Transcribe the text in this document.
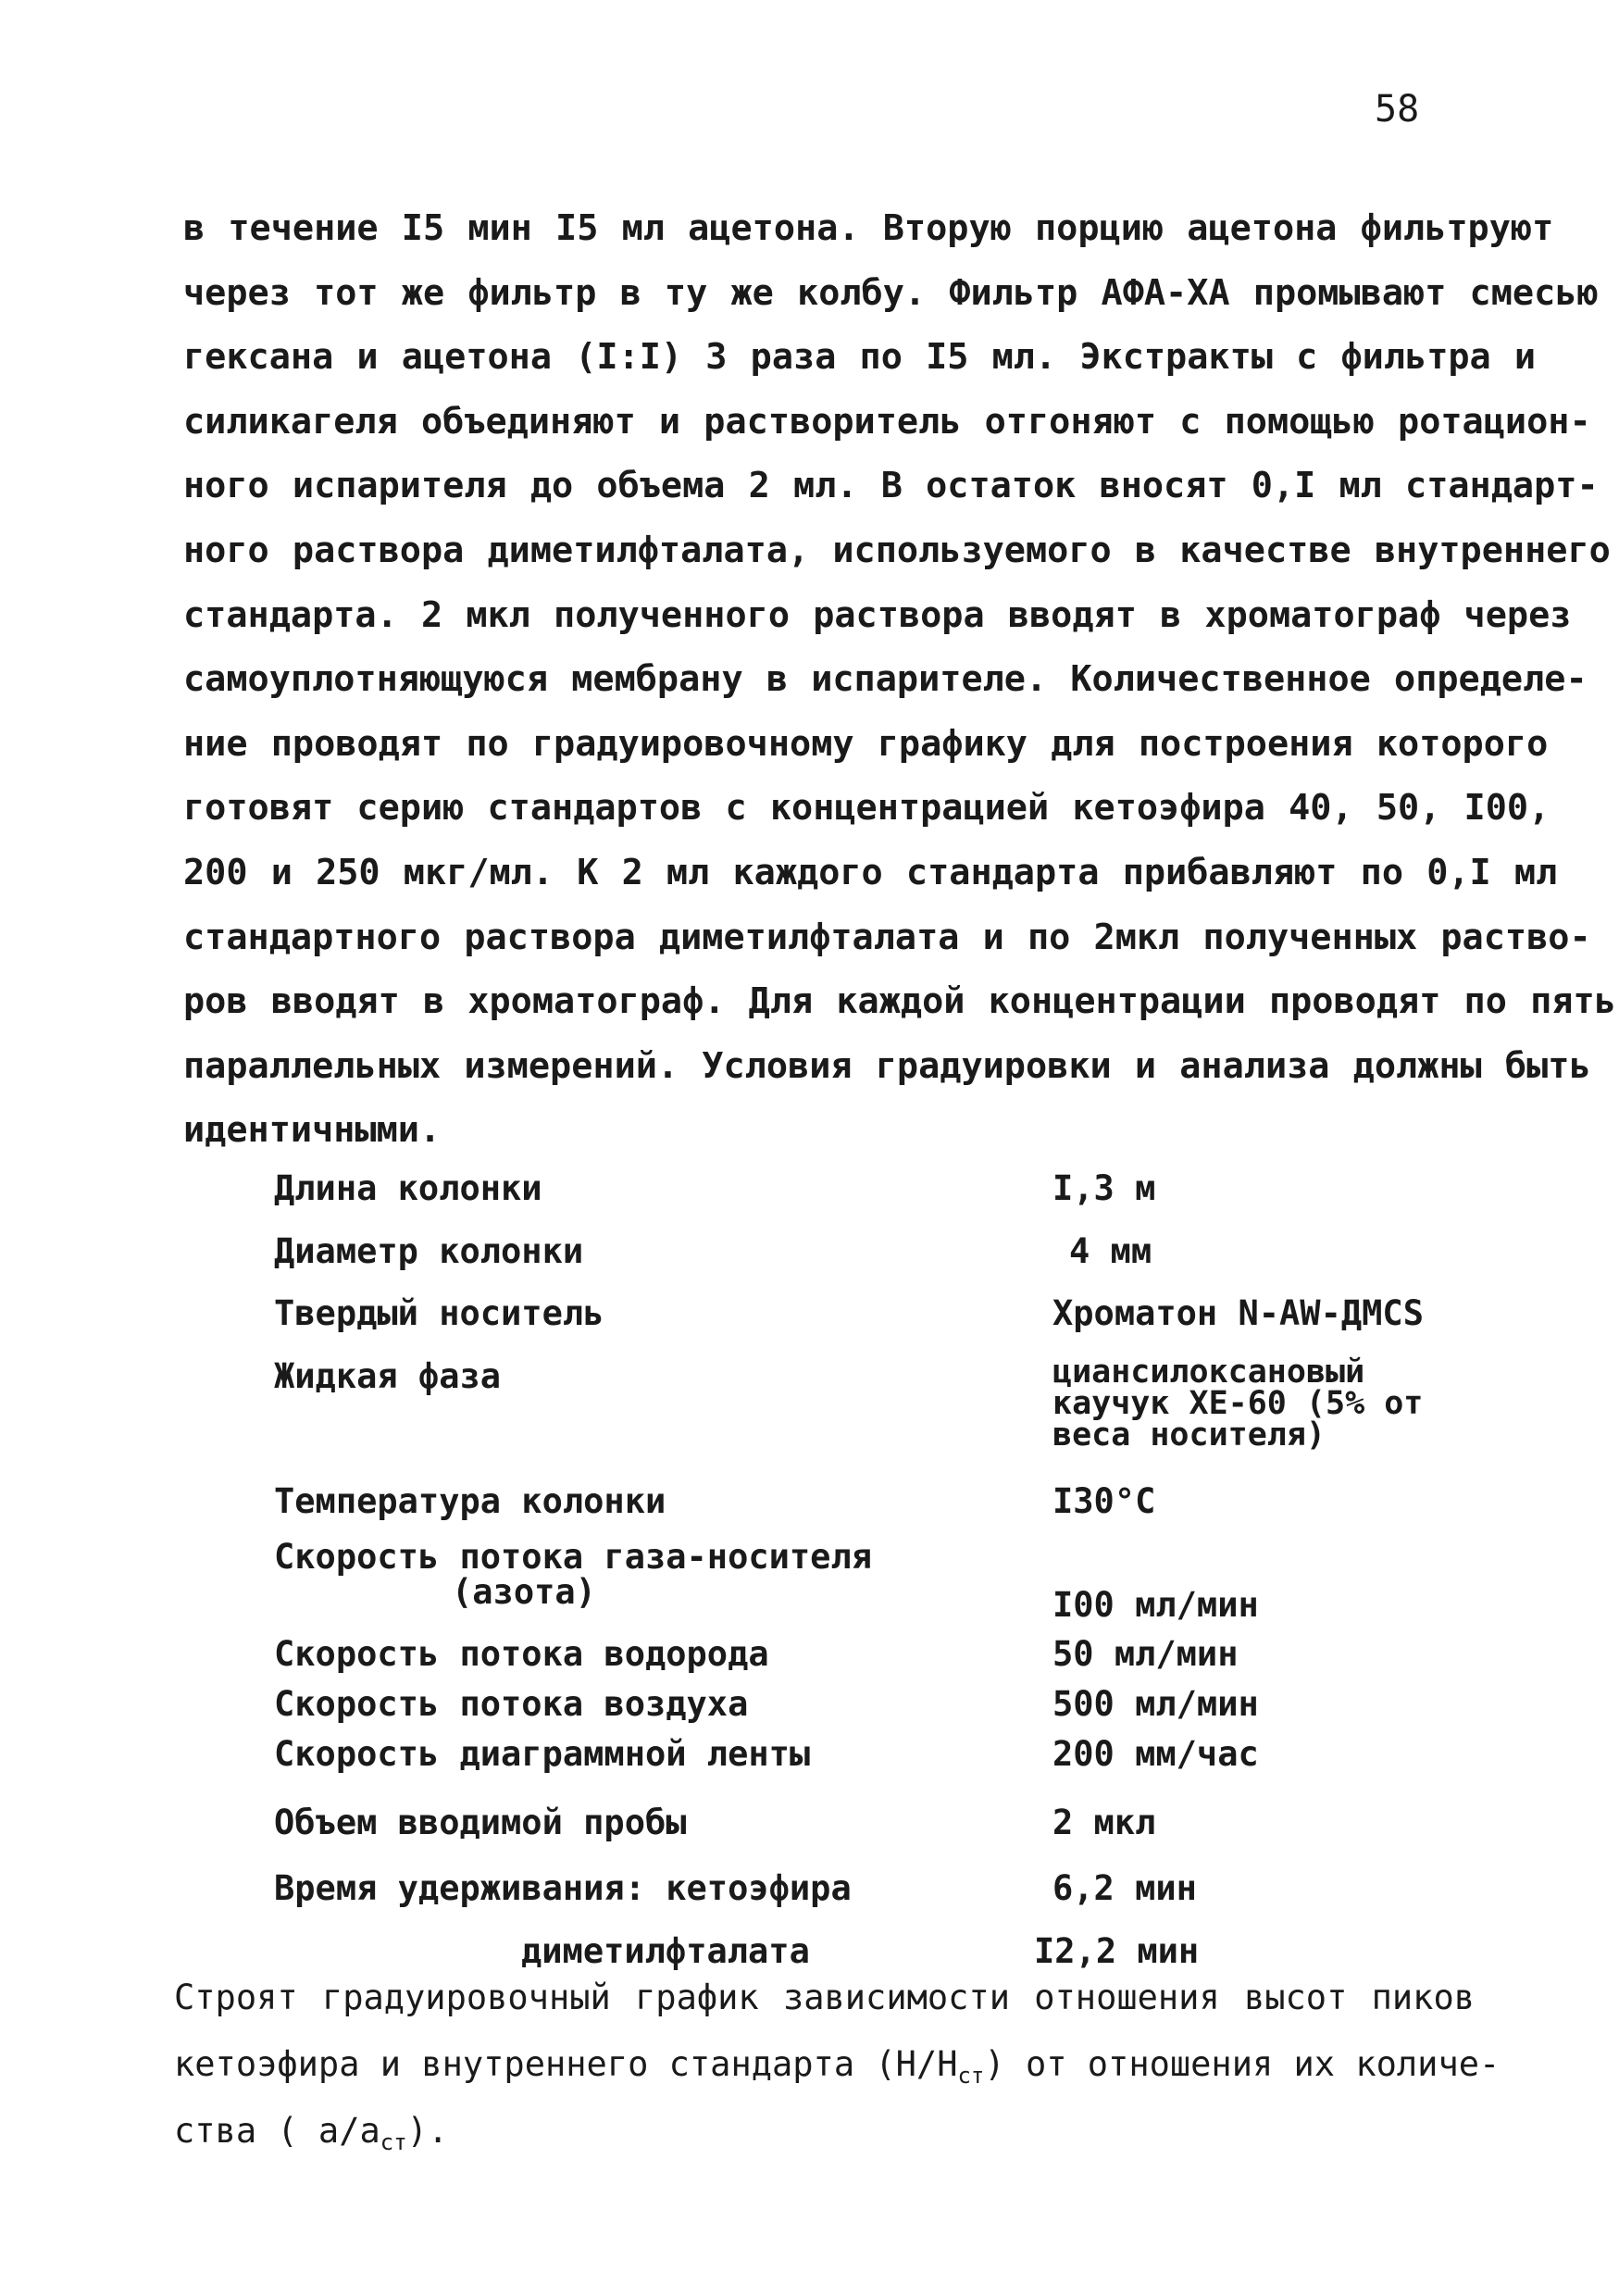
58
в течение I5 мин I5 мл ацетона. Вторую порцию ацетона фильтруют
через тот же фильтр в ту же колбу. Фильтр АФА-ХА промывают смесью
гексана и ацетона (I:I) 3 раза по I5 мл. Экстракты с фильтра и
силикагеля объединяют и растворитель отгоняют с помощью ротацион-
ного испарителя до объема 2 мл. В остаток вносят 0,I мл стандарт-
ного раствора диметилфталата, используемого в качестве внутреннего
стандарта. 2 мкл полученного раствора вводят в хроматограф через
самоуплотняющуюся мембрану в испарителе. Количественное определе-
ние проводят по градуировочному графику для построения которого
готовят серию стандартов с концентрацией кетоэфира 40, 50, I00,
200 и 250 мкг/мл. К 2 мл каждого стандарта прибавляют по 0,I мл
стандартного раствора диметилфталата и по 2мкл полученных раство-
ров вводят в хроматограф. Для каждой концентрации проводят по пять
параллельных измерений. Условия градуировки и анализа должны быть
идентичными.
Длина колонки	I,3 м
Диаметр колонки	4 мм
Твердый носитель	Хроматон N-AW-ДМCS
Жидкая фаза	циансилоксановый каучук XE-60 (5% от веса носителя)
Температура колонки	I30°C
Скорость потока газа-носителя
(азота)	I00 мл/мин
Скорость потока водорода	50 мл/мин
Скорость потока воздуха	500 мл/мин
Скорость диаграммной ленты	200 мм/час
Объем вводимой пробы	2 мкл
Время удерживания: кетоэфира	6,2 мин
диметилфталата	I2,2 мин
Строят градуировочный график зависимости отношения высот пиков
кетоэфира и внутреннего стандарта $(Н/Н_{ст})$ от отношения их количе-
ства ( $а/а_{ст}$).
